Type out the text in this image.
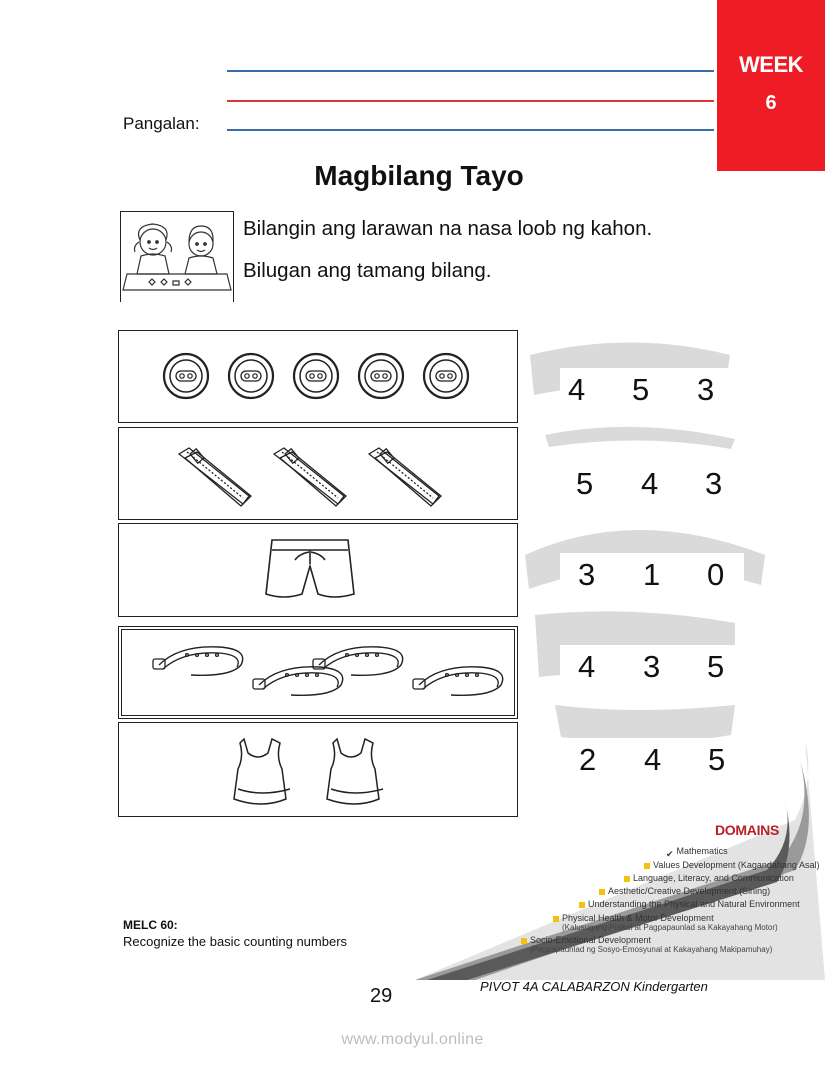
WEEK
6
Pangalan:
Magbilang Tayo
Bilangin ang larawan na nasa loob ng kahon.
Bilugan ang tamang bilang.
4 5 3
5 4 3
3 1 0
4 3 5
2 4 5
DOMAINS
✔ Mathematics
Values Development (Kagandahang Asal)
Language, Literacy, and Communication
Aesthetic/Creative Development (Sining)
Understanding the Physical and Natural Environment
Physical Health & Motor Development
(Kalusugang Pisikal at Pagpapaunlad sa Kakayahang Motor)
Socio-Emotional Development
(Pagpapaunlad ng Sosyo-Emosyunal at Kakayahang Makipamuhay)
MELC 60:
Recognize the basic counting numbers
29	PIVOT 4A CALABARZON Kindergarten
www.modyul.online
